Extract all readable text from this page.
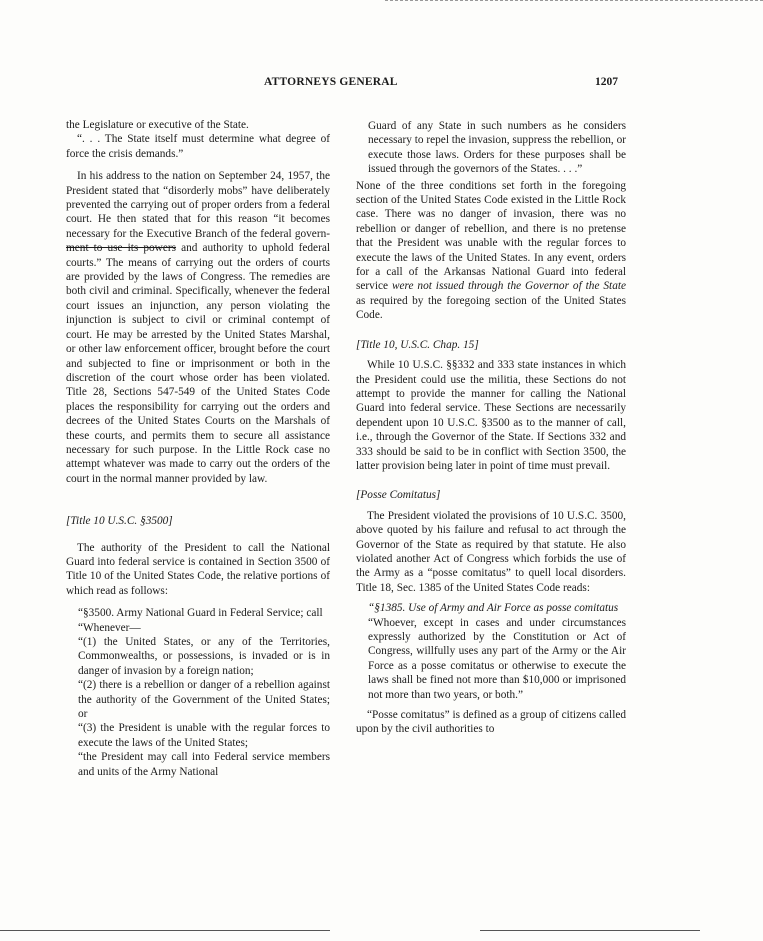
ATTORNEYS GENERAL	1207

the Legislature or executive of the State.

“. . . The State itself must determine what degree of force the crisis demands.”

In his address to the nation on September 24, 1957, the President stated that “disorderly mobs” have deliberately prevented the carrying out of proper orders from a federal court. He then stated that for this reason “it becomes necessary for the Executive Branch of the federal govern-ment to use its powers and authority to uphold federal courts.” The means of carrying out the orders of courts are provided by the laws of Congress. The remedies are both civil and criminal. Specifically, whenever the federal court issues an injunction, any person violating the injunction is subject to civil or criminal contempt of court. He may be arrested by the United States Marshal, or other law enforcement officer, brought before the court and subjected to fine or imprisonment or both in the discretion of the court whose order has been violated. Title 28, Sections 547-549 of the United States Code places the responsibility for carrying out the orders and decrees of the United States Courts on the Marshals of these courts, and permits them to secure all assistance necessary for such purpose. In the Little Rock case no attempt whatever was made to carry out the orders of the court in the normal manner provided by law.

[Title 10 U.S.C. §3500]

The authority of the President to call the National Guard into federal service is contained in Section 3500 of Title 10 of the United States Code, the relative portions of which read as follows:

“§3500. Army National Guard in Federal Service; call

“Whenever—

“(1) the United States, or any of the Territories, Commonwealths, or possessions, is invaded or is in danger of invasion by a foreign nation;

“(2) there is a rebellion or danger of a rebellion against the authority of the Government of the United States; or

“(3) the President is unable with the regular forces to execute the laws of the United States;

“the President may call into Federal service members and units of the Army National

Guard of any State in such numbers as he considers necessary to repel the invasion, suppress the rebellion, or execute those laws. Orders for these purposes shall be issued through the governors of the States. . . .”

None of the three conditions set forth in the foregoing section of the United States Code existed in the Little Rock case. There was no danger of invasion, there was no rebellion or danger of rebellion, and there is no pretense that the President was unable with the regular forces to execute the laws of the United States. In any event, orders for a call of the Arkansas National Guard into federal service were not issued through the Governor of the State as required by the foregoing section of the United States Code.

[Title 10, U.S.C. Chap. 15]

While 10 U.S.C. §§332 and 333 state instances in which the President could use the militia, these Sections do not attempt to provide the manner for calling the National Guard into federal service. These Sections are necessarily dependent upon 10 U.S.C. §3500 as to the manner of call, i.e., through the Governor of the State. If Sections 332 and 333 should be said to be in conflict with Section 3500, the latter provision being later in point of time must prevail.

[Posse Comitatus]

The President violated the provisions of 10 U.S.C. 3500, above quoted by his failure and refusal to act through the Governor of the State as required by that statute. He also violated another Act of Congress which forbids the use of the Army as a “posse comitatus” to quell local disorders. Title 18, Sec. 1385 of the United States Code reads:

“§1385. Use of Army and Air Force as posse comitatus

“Whoever, except in cases and under circumstances expressly authorized by the Constitution or Act of Congress, willfully uses any part of the Army or the Air Force as a posse comitatus or otherwise to execute the laws shall be fined not more than $10,000 or imprisoned not more than two years, or both.”

“Posse comitatus” is defined as a group of citizens called upon by the civil authorities to
